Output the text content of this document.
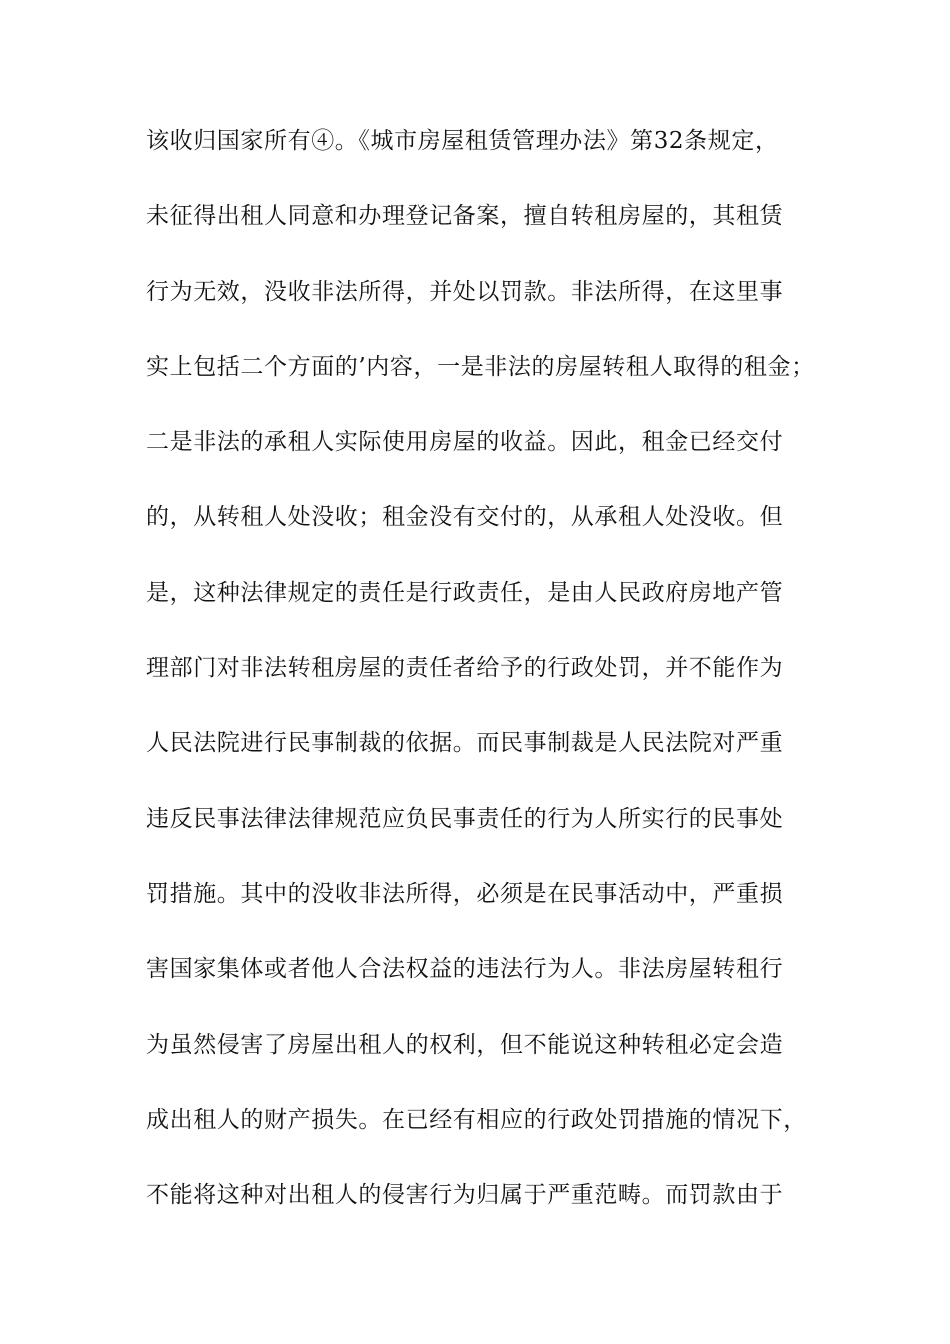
该收归国家所有④。《城市房屋租赁管理办法》第32条规定，
未征得出租人同意和办理登记备案，擅自转租房屋的，其租赁
行为无效，没收非法所得，并处以罚款。非法所得，在这里事
实上包括二个方面的’内容，一是非法的房屋转租人取得的租金；
二是非法的承租人实际使用房屋的收益。因此，租金已经交付
的，从转租人处没收；租金没有交付的，从承租人处没收。但
是，这种法律规定的责任是行政责任，是由人民政府房地产管
理部门对非法转租房屋的责任者给予的行政处罚，并不能作为
人民法院进行民事制裁的依据。而民事制裁是人民法院对严重
违反民事法律法律规范应负民事责任的行为人所实行的民事处
罚措施。其中的没收非法所得，必须是在民事活动中，严重损
害国家集体或者他人合法权益的违法行为人。非法房屋转租行
为虽然侵害了房屋出租人的权利，但不能说这种转租必定会造
成出租人的财产损失。在已经有相应的行政处罚措施的情况下，
不能将这种对出租人的侵害行为归属于严重范畴。而罚款由于
